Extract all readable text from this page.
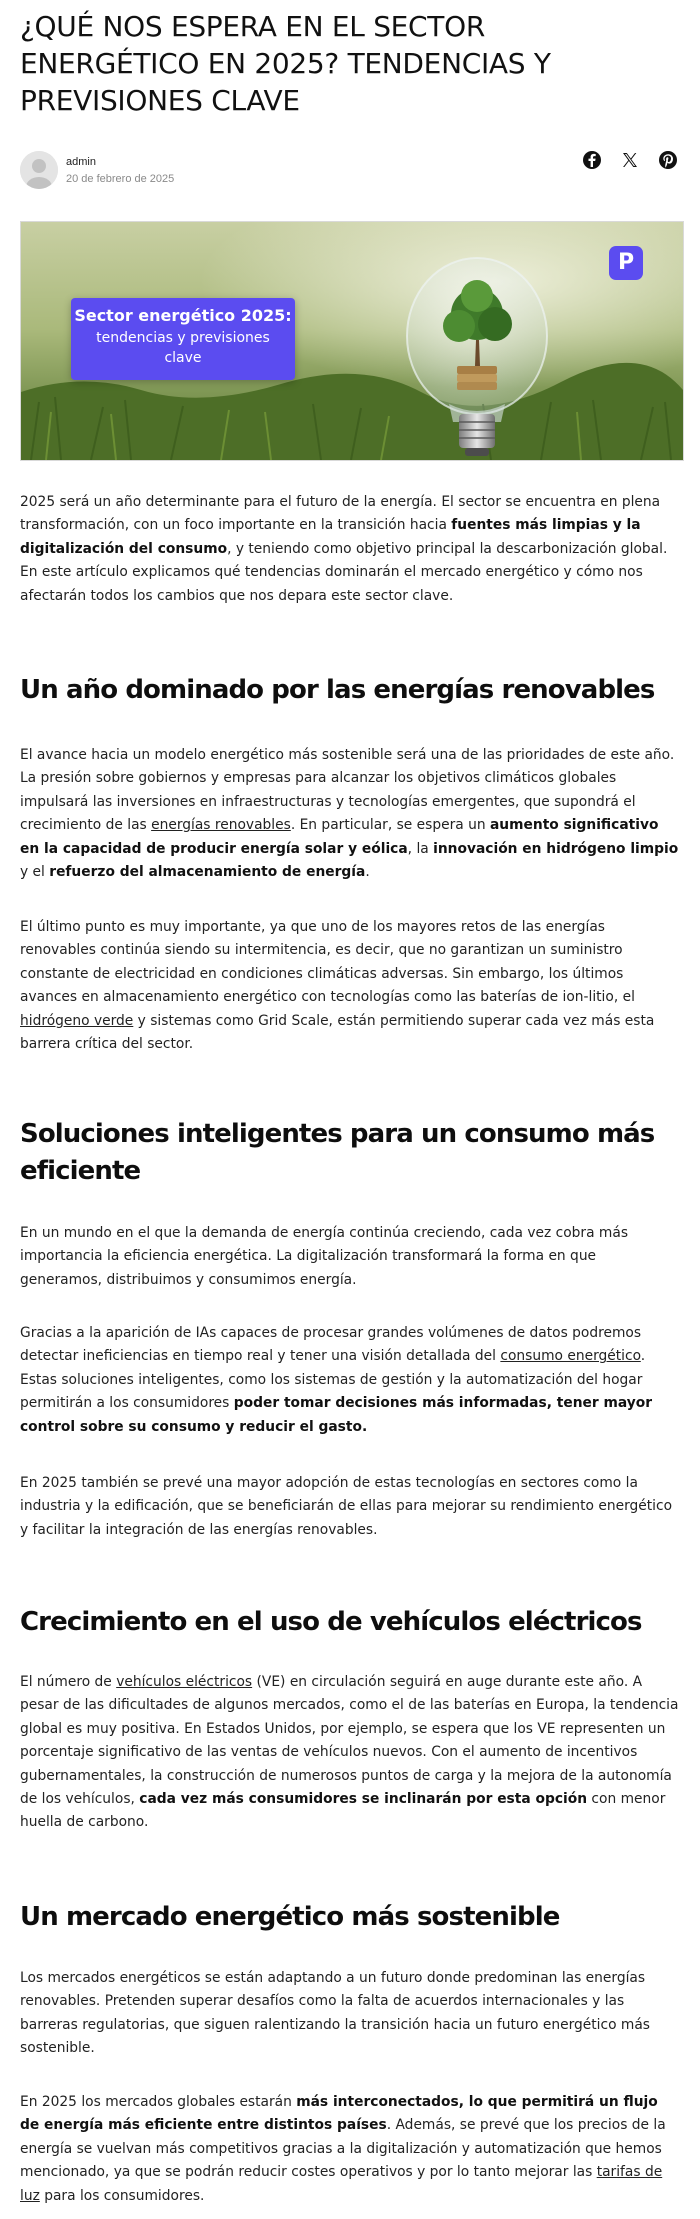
¿QUÉ NOS ESPERA EN EL SECTOR ENERGÉTICO EN 2025? TENDENCIAS Y PREVISIONES CLAVE
admin
20 de febrero de 2025
Sector energético 2025:
tendencias y previsiones clave
P

2025 será un año determinante para el futuro de la energía. El sector se encuentra en plena transformación, con un foco importante en la transición hacia fuentes más limpias y la digitalización del consumo, y teniendo como objetivo principal la descarbonización global. En este artículo explicamos qué tendencias dominarán el mercado energético y cómo nos afectarán todos los cambios que nos depara este sector clave.

Un año dominado por las energías renovables

El avance hacia un modelo energético más sostenible será una de las prioridades de este año. La presión sobre gobiernos y empresas para alcanzar los objetivos climáticos globales impulsará las inversiones en infraestructuras y tecnologías emergentes, que supondrá el crecimiento de las energías renovables. En particular, se espera un aumento significativo en la capacidad de producir energía solar y eólica, la innovación en hidrógeno limpio y el refuerzo del almacenamiento de energía.

El último punto es muy importante, ya que uno de los mayores retos de las energías renovables continúa siendo su intermitencia, es decir, que no garantizan un suministro constante de electricidad en condiciones climáticas adversas. Sin embargo, los últimos avances en almacenamiento energético con tecnologías como las baterías de ion-litio, el hidrógeno verde y sistemas como Grid Scale, están permitiendo superar cada vez más esta barrera crítica del sector.

Soluciones inteligentes para un consumo más eficiente

En un mundo en el que la demanda de energía continúa creciendo, cada vez cobra más importancia la eficiencia energética. La digitalización transformará la forma en que generamos, distribuimos y consumimos energía.

Gracias a la aparición de IAs capaces de procesar grandes volúmenes de datos podremos detectar ineficiencias en tiempo real y tener una visión detallada del consumo energético. Estas soluciones inteligentes, como los sistemas de gestión y la automatización del hogar permitirán a los consumidores poder tomar decisiones más informadas, tener mayor control sobre su consumo y reducir el gasto.

En 2025 también se prevé una mayor adopción de estas tecnologías en sectores como la industria y la edificación, que se beneficiarán de ellas para mejorar su rendimiento energético y facilitar la integración de las energías renovables.

Crecimiento en el uso de vehículos eléctricos

El número de vehículos eléctricos (VE) en circulación seguirá en auge durante este año. A pesar de las dificultades de algunos mercados, como el de las baterías en Europa, la tendencia global es muy positiva. En Estados Unidos, por ejemplo, se espera que los VE representen un porcentaje significativo de las ventas de vehículos nuevos. Con el aumento de incentivos gubernamentales, la construcción de numerosos puntos de carga y la mejora de la autonomía de los vehículos, cada vez más consumidores se inclinarán por esta opción con menor huella de carbono.

Un mercado energético más sostenible

Los mercados energéticos se están adaptando a un futuro donde predominan las energías renovables. Pretenden superar desafíos como la falta de acuerdos internacionales y las barreras regulatorias, que siguen ralentizando la transición hacia un futuro energético más sostenible.

En 2025 los mercados globales estarán más interconectados, lo que permitirá un flujo de energía más eficiente entre distintos países. Además, se prevé que los precios de la energía se vuelvan más competitivos gracias a la digitalización y automatización que hemos mencionado, ya que se podrán reducir costes operativos y por lo tanto mejorar las tarifas de luz para los consumidores.
